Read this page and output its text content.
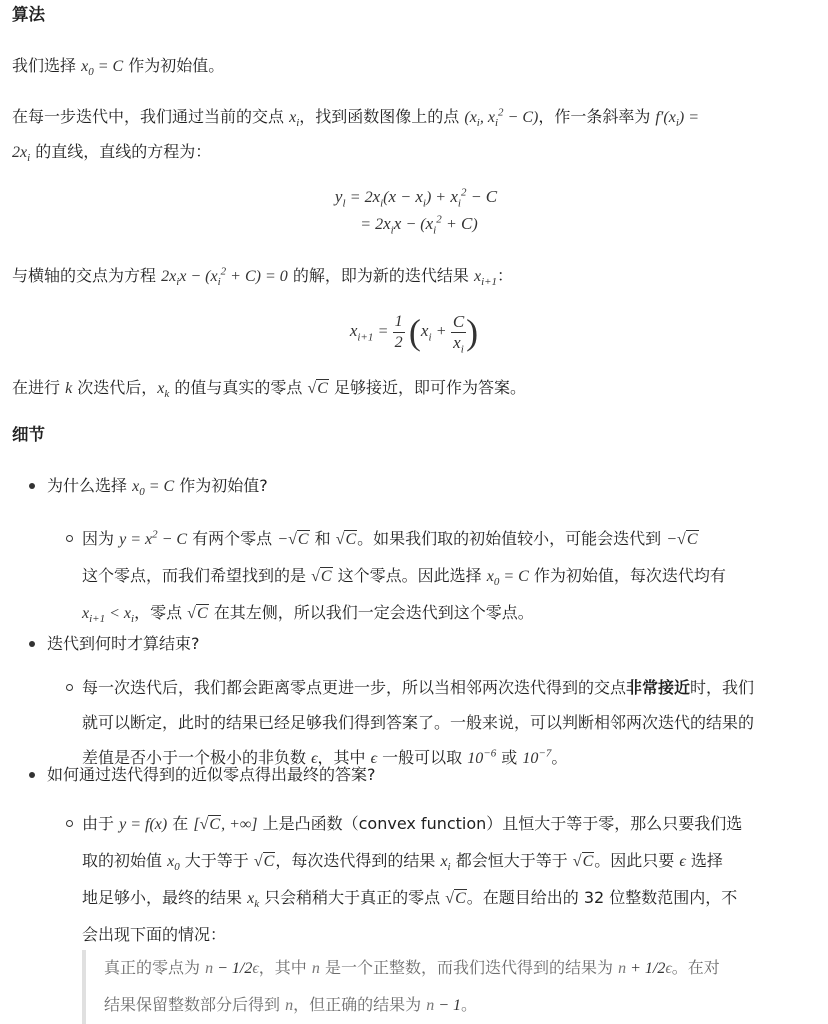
算法
我们选择 $x_0 = C$ 作为初始值。
在每一步迭代中，我们通过当前的交点 $x_i$，找到函数图像上的点 ($x_i$, $x_i^2 - C$)，作一条斜率为 $f'(x_i)$ =
$2x_i$ 的直线，直线的方程为：
$y_l = 2x_i(x - x_i) + x_i^2 - C$
= $2x_ix - (x_i^2 + C)$
与横轴的交点为方程 $2x_ix - (x_i^2 + C) = 0$ 的解，即为新的迭代结果 $x_{i+1}$：
$x_{i+1} = \frac{1}{2} (x_i + \frac{C}{x_i}$ )
在进行 k 次迭代后，$x_k$ 的值与真实的零点 √C 足够接近，即可作为答案。
细节
为什么选择 $x_0 = C$ 作为初始值?
因为 $y = x^2 - C$ 有两个零点 −√C 和 √C。如果我们取的初始值较小，可能会迭代到 −√C
这个零点，而我们希望找到的是 √C 这个零点。因此选择 $x_0 = C$ 作为初始值，每次迭代均有
$x_{i+1} < x_i$，零点 √C 在其左侧，所以我们一定会迭代到这个零点。
迭代到何时才算结束?
每一次迭代后，我们都会距离零点更进一步，所以当相邻两次迭代得到的交点非常接近时，我们
就可以断定，此时的结果已经足够我们得到答案了。一般来说，可以判断相邻两次迭代的结果的
差值是否小于一个极小的非负数 ϵ，其中 ϵ 一般可以取 $10^{-6}$ 或 $10^{-7}$。
如何通过迭代得到的近似零点得出最终的答案?
由于 y = f(x) 在 [√C, +∞] 上是凸函数（convex function）且恒大于等于零，那么只要我们选
取的初始值 $x_0$ 大于等于 √C，每次迭代得到的结果 $x_i$ 都会恒大于等于 √C。因此只要 ϵ 选择
地足够小，最终的结果 $x_k$ 只会稍稍大于真正的零点 √C。在题目给出的 32 位整数范围内，不
会出现下面的情况：
真正的零点为 n − 1/2ϵ，其中 n 是一个正整数，而我们迭代得到的结果为 n + 1/2ϵ。在对
结果保留整数部分后得到 n，但正确的结果为 n − 1。
